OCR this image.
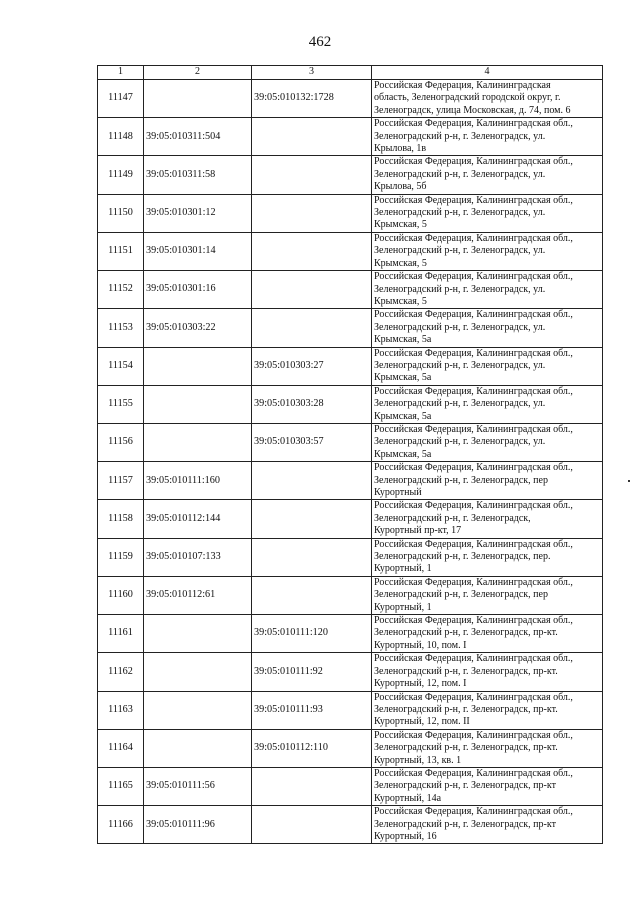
462
1	2	3	4
11147		39:05:010132:1728	Российская Федерация, Калининградская
область, Зеленоградский городской округ, г.
Зеленоградск, улица Московская, д. 74, пом. 6
11148	39:05:010311:504		Российская Федерация, Калининградская обл.,
Зеленоградский р-н, г. Зеленоградск, ул.
Крылова, 1в
11149	39:05:010311:58		Российская Федерация, Калининградская обл.,
Зеленоградский р-н, г. Зеленоградск, ул.
Крылова, 5б
11150	39:05:010301:12		Российская Федерация, Калининградская обл.,
Зеленоградский р-н, г. Зеленоградск, ул.
Крымская, 5
11151	39:05:010301:14		Российская Федерация, Калининградская обл.,
Зеленоградский р-н, г. Зеленоградск, ул.
Крымская, 5
11152	39:05:010301:16		Российская Федерация, Калининградская обл.,
Зеленоградский р-н, г. Зеленоградск, ул.
Крымская, 5
11153	39:05:010303:22		Российская Федерация, Калининградская обл.,
Зеленоградский р-н, г. Зеленоградск, ул.
Крымская, 5а
11154		39:05:010303:27	Российская Федерация, Калининградская обл.,
Зеленоградский р-н, г. Зеленоградск, ул.
Крымская, 5а
11155		39:05:010303:28	Российская Федерация, Калининградская обл.,
Зеленоградский р-н, г. Зеленоградск, ул.
Крымская, 5а
11156		39:05:010303:57	Российская Федерация, Калининградская обл.,
Зеленоградский р-н, г. Зеленоградск, ул.
Крымская, 5а
11157	39:05:010111:160		Российская Федерация, Калининградская обл.,
Зеленоградский р-н, г. Зеленоградск, пер
Курортный
11158	39:05:010112:144		Российская Федерация, Калининградская обл.,
Зеленоградский р-н, г. Зеленоградск,
Курортный пр-кт, 17
11159	39:05:010107:133		Российская Федерация, Калининградская обл.,
Зеленоградский р-н, г. Зеленоградск, пер.
Курортный, 1
11160	39:05:010112:61		Российская Федерация, Калининградская обл.,
Зеленоградский р-н, г. Зеленоградск, пер
Курортный, 1
11161		39:05:010111:120	Российская Федерация, Калининградская обл.,
Зеленоградский р-н, г. Зеленоградск, пр-кт.
Курортный, 10, пом. I
11162		39:05:010111:92	Российская Федерация, Калининградская обл.,
Зеленоградский р-н, г. Зеленоградск, пр-кт.
Курортный, 12, пом. I
11163		39:05:010111:93	Российская Федерация, Калининградская обл.,
Зеленоградский р-н, г. Зеленоградск, пр-кт.
Курортный, 12, пом. II
11164		39:05:010112:110	Российская Федерация, Калининградская обл.,
Зеленоградский р-н, г. Зеленоградск, пр-кт.
Курортный, 13, кв. 1
11165	39:05:010111:56		Российская Федерация, Калининградская обл.,
Зеленоградский р-н, г. Зеленоградск, пр-кт
Курортный, 14а
11166	39:05:010111:96		Российская Федерация, Калининградская обл.,
Зеленоградский р-н, г. Зеленоградск, пр-кт
Курортный, 16
